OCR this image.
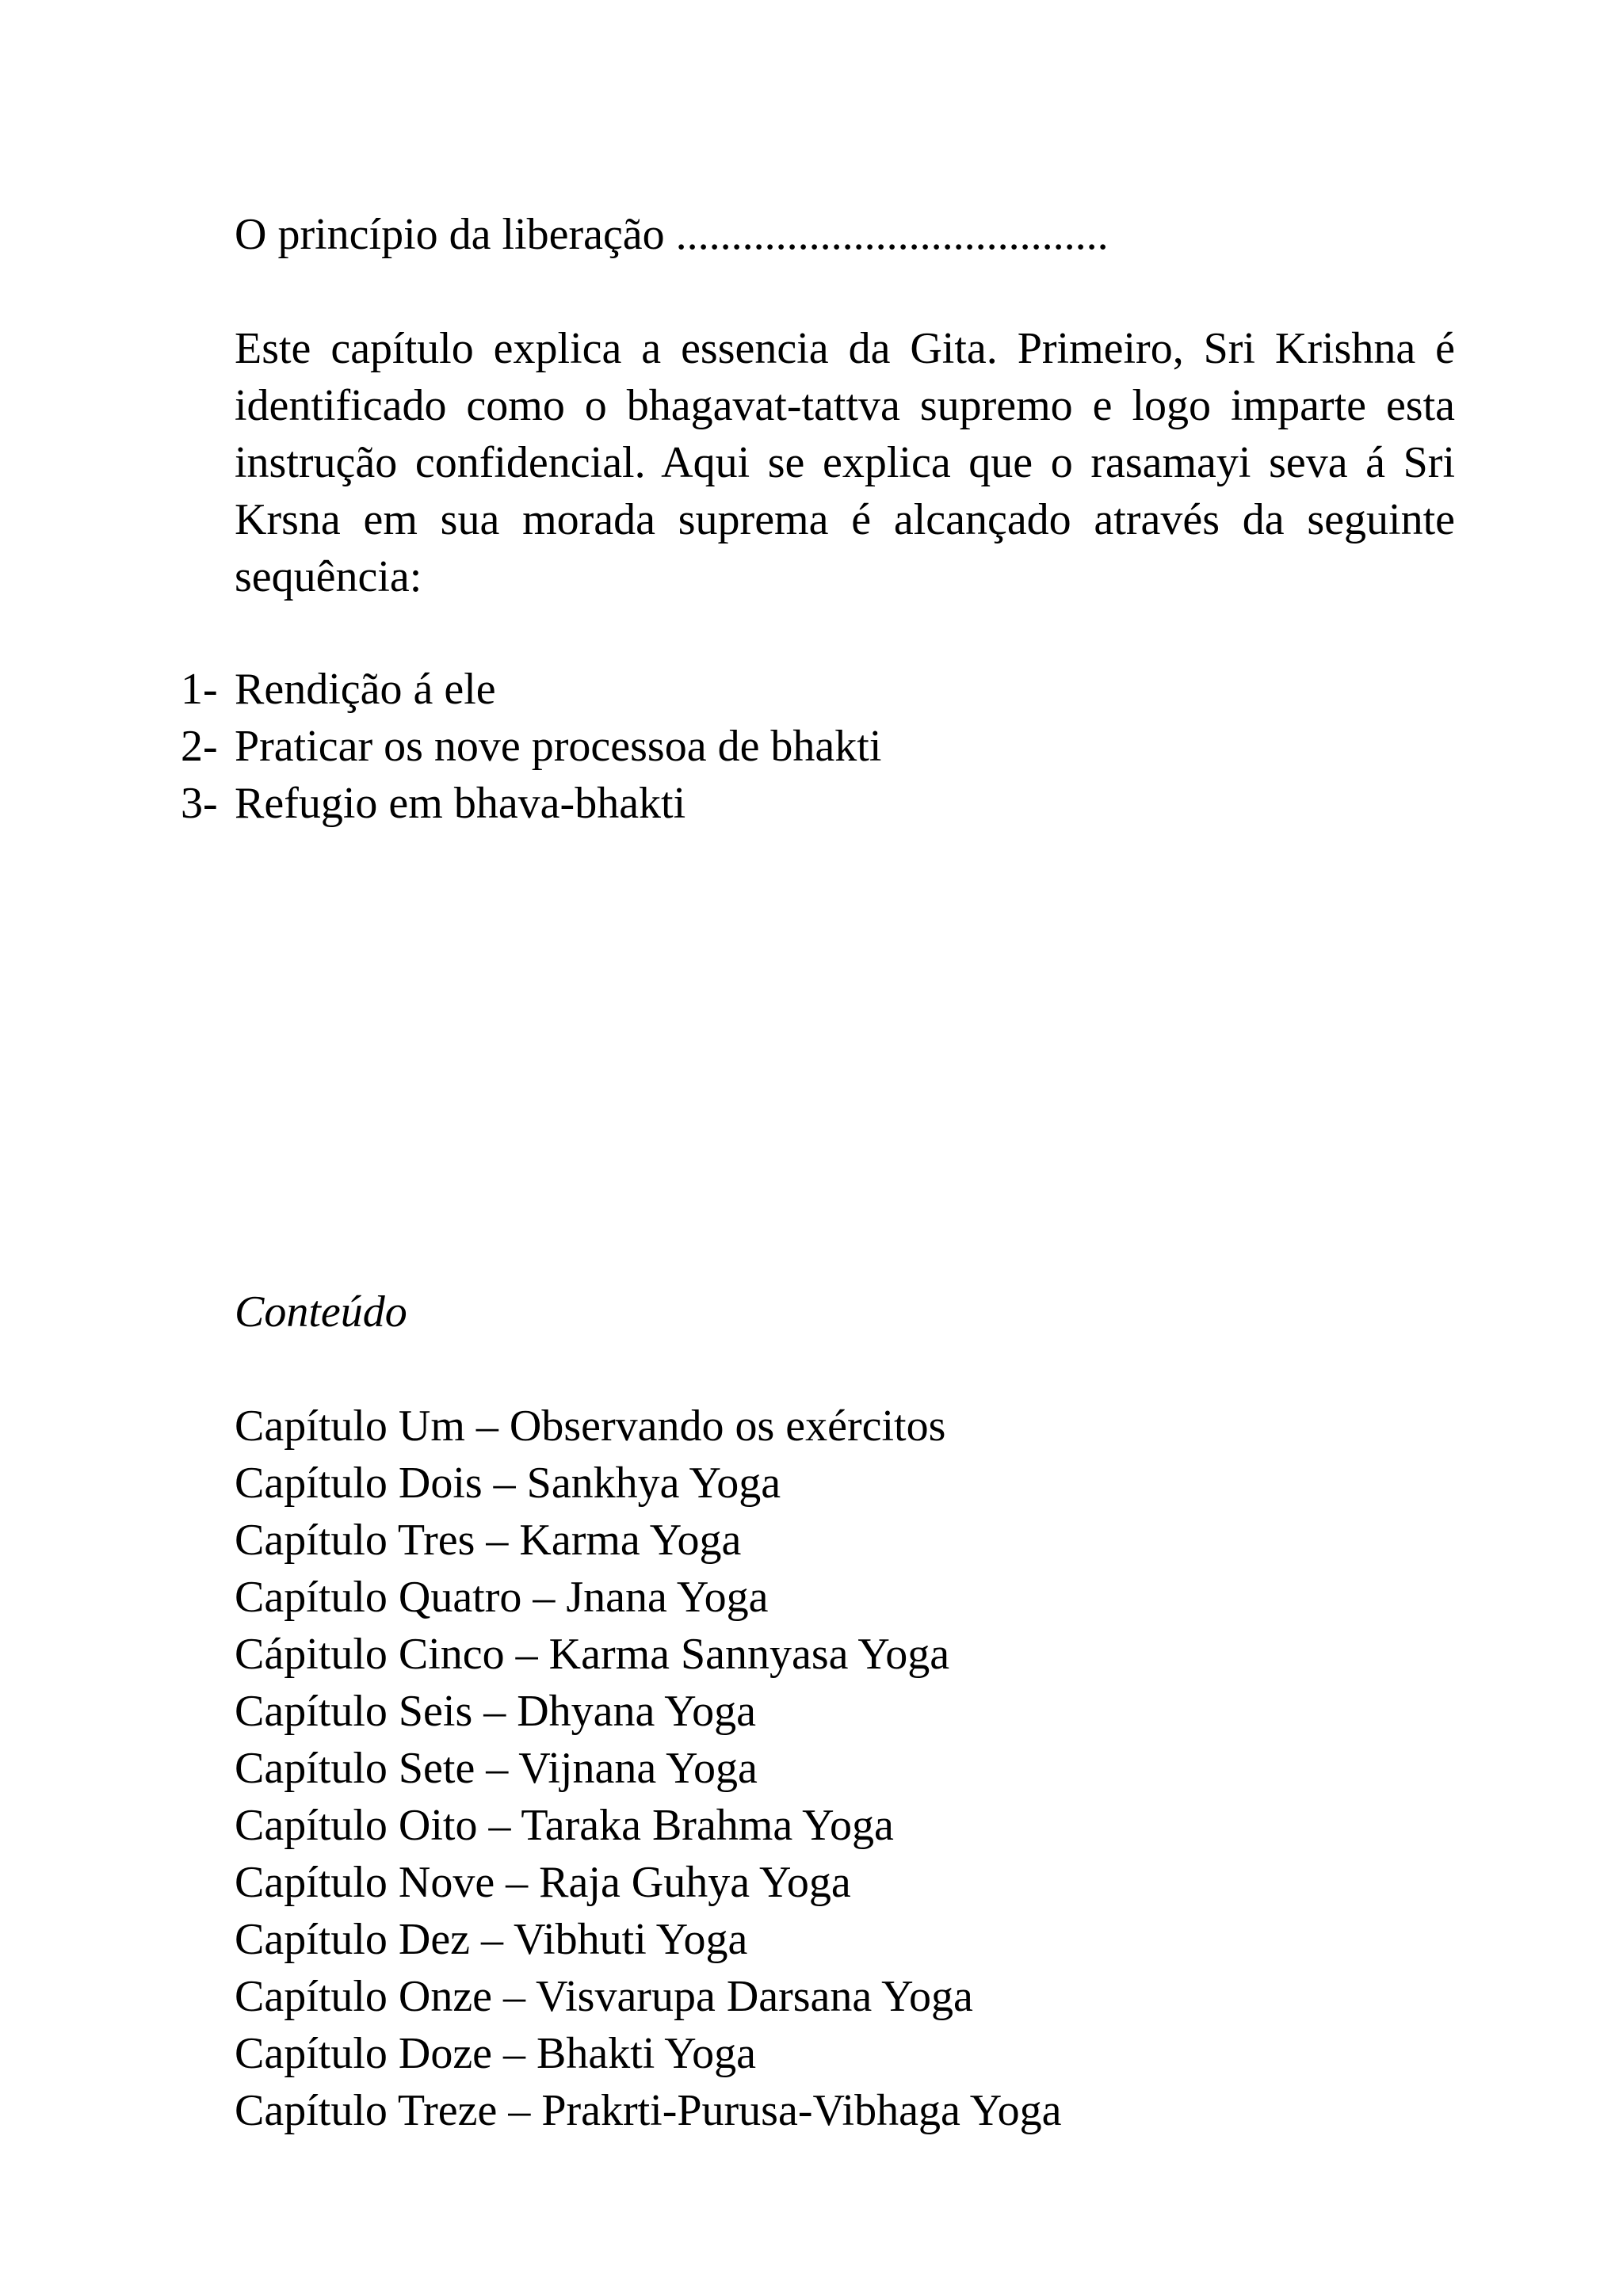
O princípio da liberação .......................................
Este capítulo explica a essencia da Gita. Primeiro, Sri Krishna é identificado como o bhagavat-tattva supremo e logo imparte esta instrução confidencial. Aqui se explica que o rasamayi seva á Sri Krsna em sua morada suprema é alcançado através da seguinte sequência:
1- Rendição á ele
2- Praticar os nove processoa de bhakti
3- Refugio em bhava-bhakti
Conteúdo
Capítulo Um – Observando os exércitos
Capítulo Dois – Sankhya Yoga
Capítulo Tres – Karma Yoga
Capítulo Quatro – Jnana Yoga
Cápitulo Cinco – Karma Sannyasa Yoga
Capítulo Seis – Dhyana Yoga
Capítulo Sete – Vijnana Yoga
Capítulo Oito – Taraka Brahma Yoga
Capítulo Nove – Raja Guhya Yoga
Capítulo Dez – Vibhuti Yoga
Capítulo Onze – Visvarupa Darsana Yoga
Capítulo Doze – Bhakti Yoga
Capítulo Treze – Prakrti-Purusa-Vibhaga Yoga
